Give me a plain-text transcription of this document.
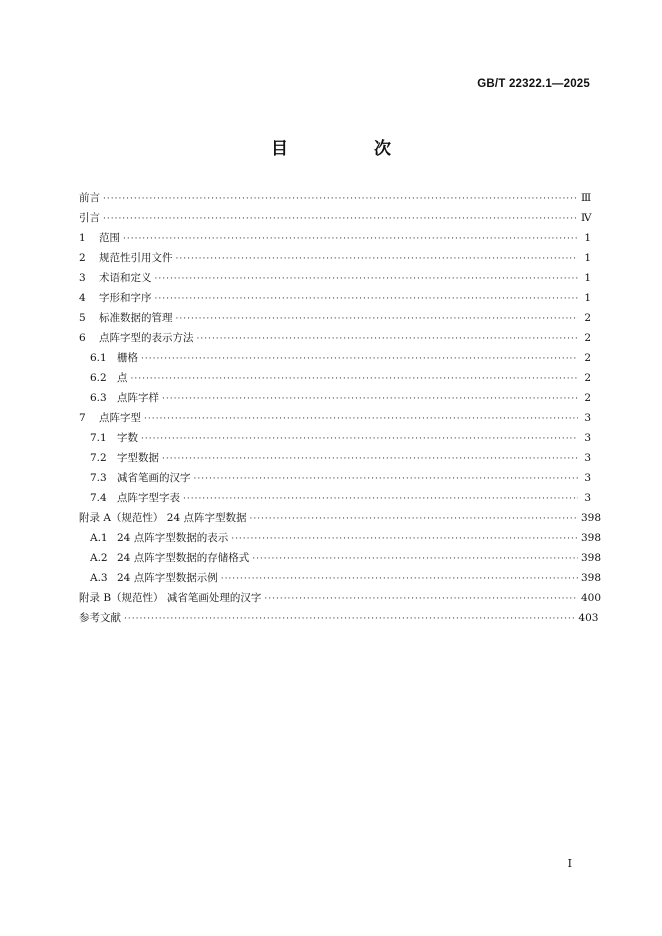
GB/T 22322.1—2025
目 次
前言 ·····	Ⅲ
引言 ·····	Ⅳ
1	范围 ·····	1
2	规范性引用文件 ·····	1
3	术语和定义 ·····	1
4	字形和字序 ·····	1
5	标准数据的管理 ·····	2
6	点阵字型的表示方法 ·····	2
6.1 栅格 ·····	2
6.2 点 ·····	2
6.3 点阵字样 ·····	2
7	点阵字型 ·····	3
7.1 字数 ·····	3
7.2 字型数据 ·····	3
7.3 减省笔画的汉字 ·····	3
7.4 点阵字型字表 ·····	3
附录 A（规范性） 24 点阵字型数据 ·····	398
A.1 24 点阵字型数据的表示 ·····	398
A.2 24 点阵字型数据的存储格式 ·····	398
A.3 24 点阵字型数据示例 ·····	398
附录 B（规范性） 减省笔画处理的汉字 ·····	400
参考文献 ·····	403
Ⅰ
